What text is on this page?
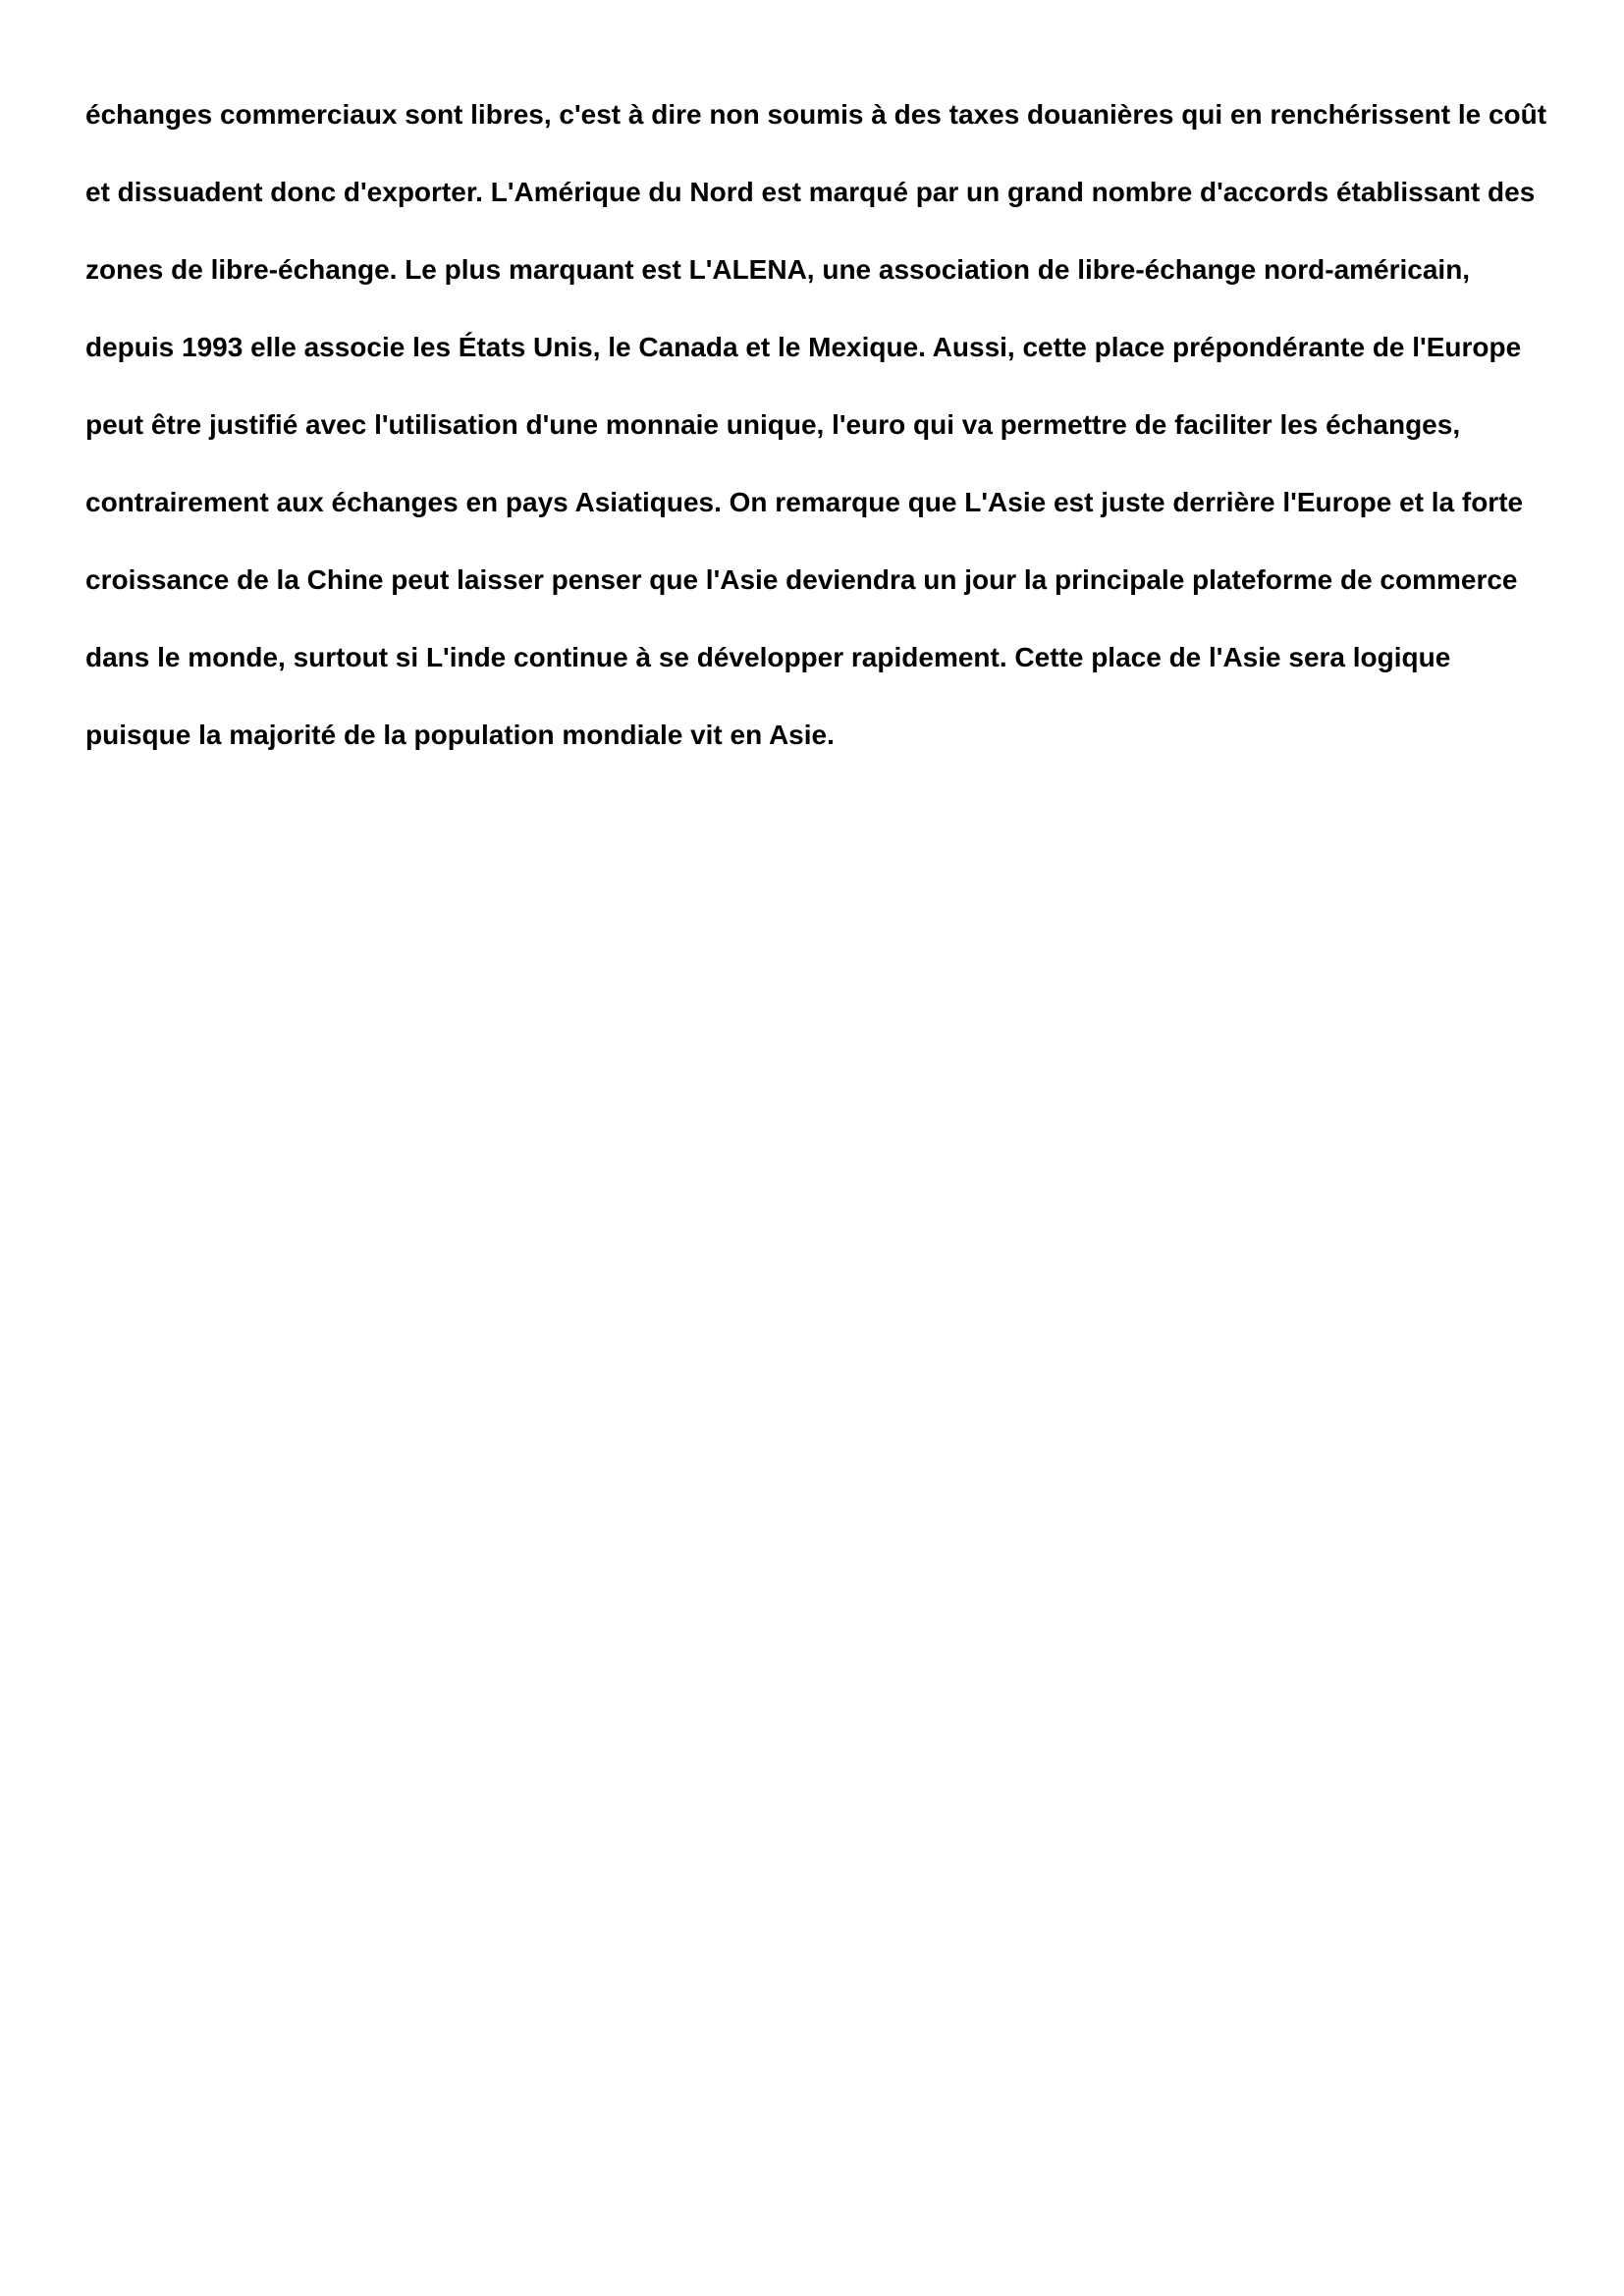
échanges commerciaux sont libres, c'est à dire non soumis à des taxes douanières qui en renchérissent le coût

et dissuadent donc d'exporter. L'Amérique du Nord est marqué par un grand nombre d'accords établissant des

zones de libre-échange. Le plus marquant est L'ALENA, une association de libre-échange nord-américain,

depuis 1993 elle associe les États Unis, le Canada et le Mexique. Aussi, cette place prépondérante de l'Europe

peut être justifié avec l'utilisation d'une monnaie unique, l'euro qui va permettre de faciliter les échanges,

contrairement aux échanges en pays Asiatiques. On remarque que L'Asie est juste derrière l'Europe et la forte

croissance de la Chine peut laisser penser que l'Asie deviendra un jour la principale plateforme de commerce

dans le monde, surtout si L'inde continue à se développer rapidement. Cette place de l'Asie sera logique

puisque la majorité de la population mondiale vit en Asie.
